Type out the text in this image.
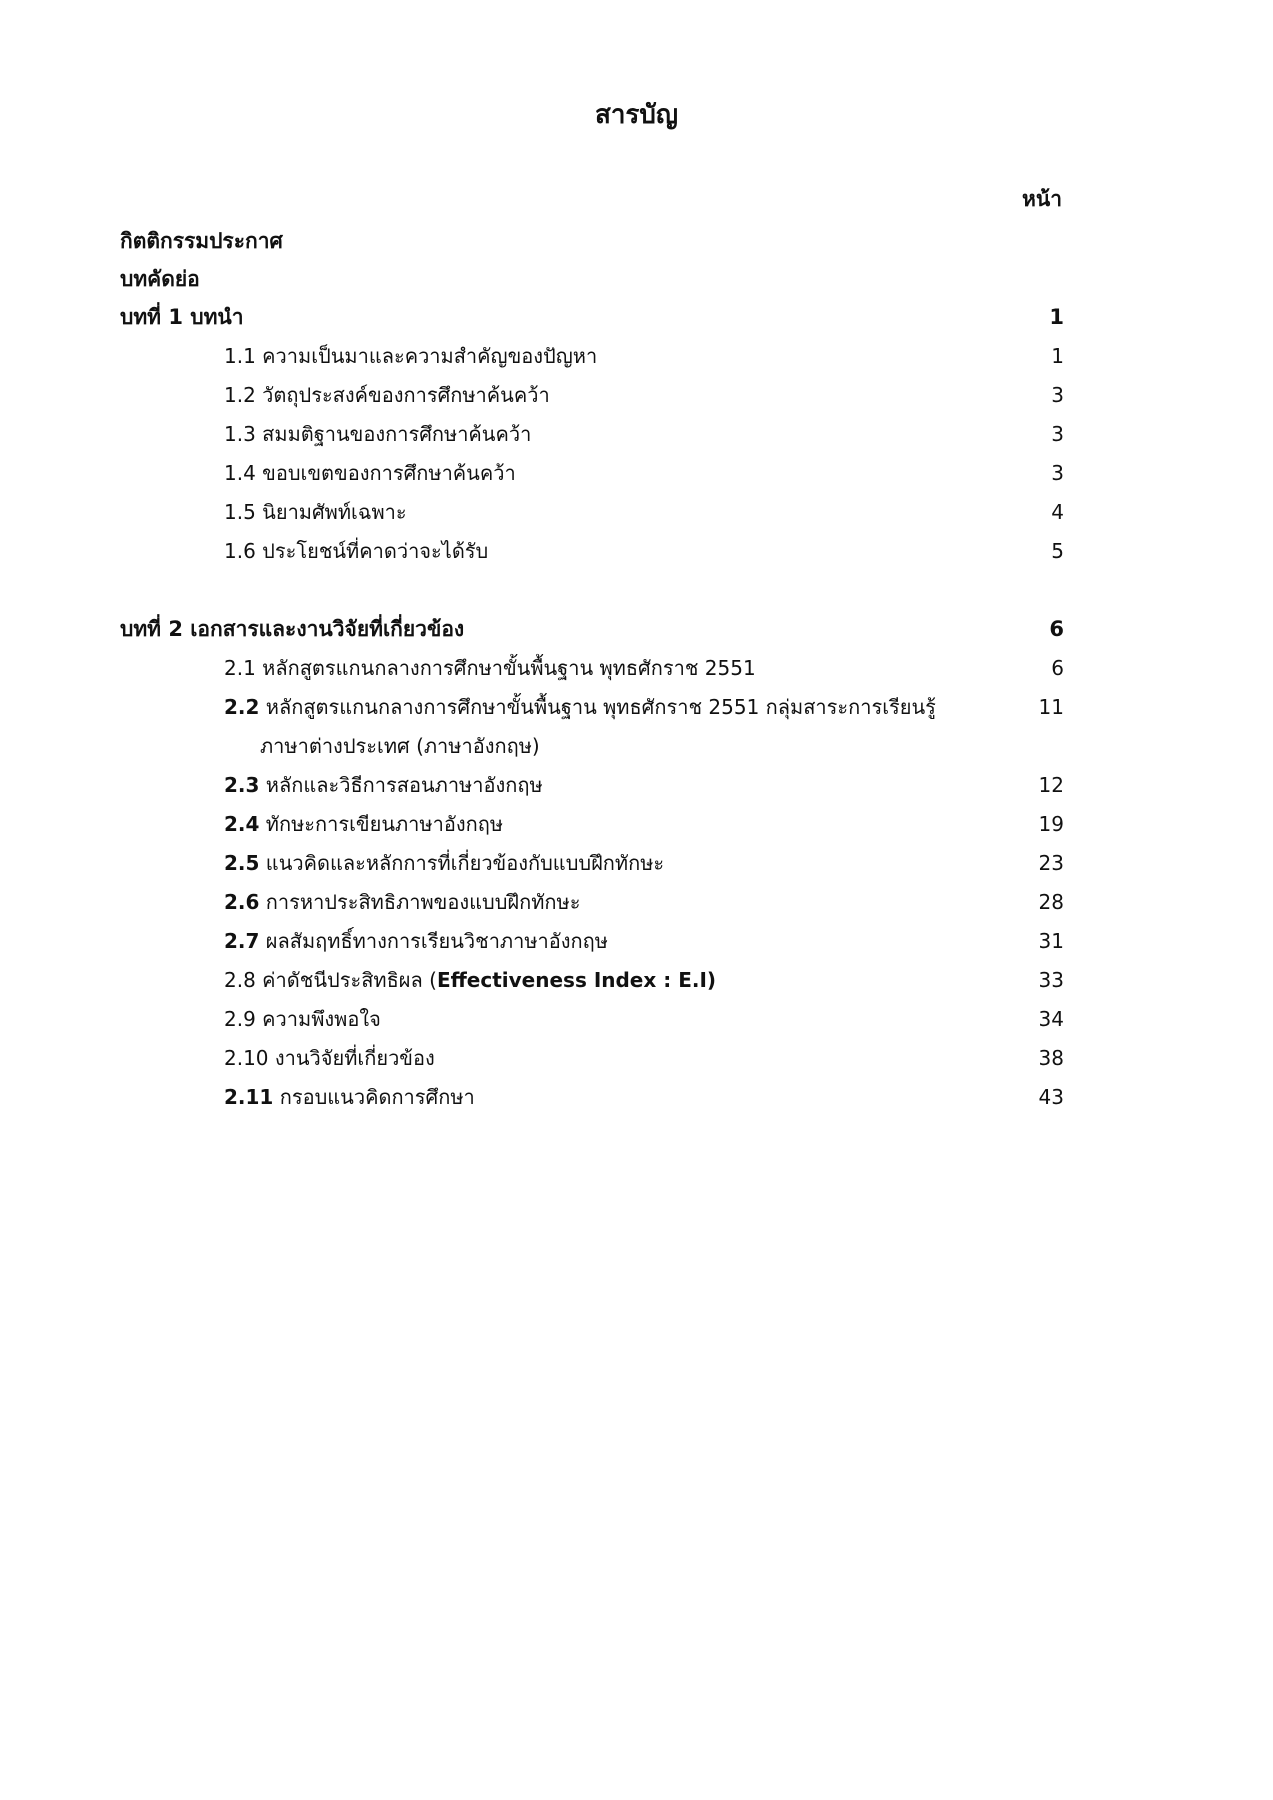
สารบัญ
หน้า
กิตติกรรมประกาศ
บทคัดย่อ
บทที่ 1 บทนำ	1
1.1 ความเป็นมาและความสำคัญของปัญหา	1
1.2 วัตถุประสงค์ของการศึกษาค้นคว้า	3
1.3 สมมติฐานของการศึกษาค้นคว้า	3
1.4 ขอบเขตของการศึกษาค้นคว้า	3
1.5 นิยามศัพท์เฉพาะ	4
1.6 ประโยชน์ที่คาดว่าจะได้รับ	5
บทที่ 2 เอกสารและงานวิจัยที่เกี่ยวข้อง	6
2.1 หลักสูตรแกนกลางการศึกษาขั้นพื้นฐาน พุทธศักราช 2551	6
2.2 หลักสูตรแกนกลางการศึกษาขั้นพื้นฐาน พุทธศักราช 2551 กลุ่มสาระการเรียนรู้	11
ภาษาต่างประเทศ (ภาษาอังกฤษ)
2.3 หลักและวิธีการสอนภาษาอังกฤษ	12
2.4 ทักษะการเขียนภาษาอังกฤษ	19
2.5 แนวคิดและหลักการที่เกี่ยวข้องกับแบบฝึกทักษะ	23
2.6 การหาประสิทธิภาพของแบบฝึกทักษะ	28
2.7 ผลสัมฤทธิ์ทางการเรียนวิชาภาษาอังกฤษ	31
2.8 ค่าดัชนีประสิทธิผล (Effectiveness Index : E.I)	33
2.9 ความพึงพอใจ	34
2.10 งานวิจัยที่เกี่ยวข้อง	38
2.11 กรอบแนวคิดการศึกษา	43
